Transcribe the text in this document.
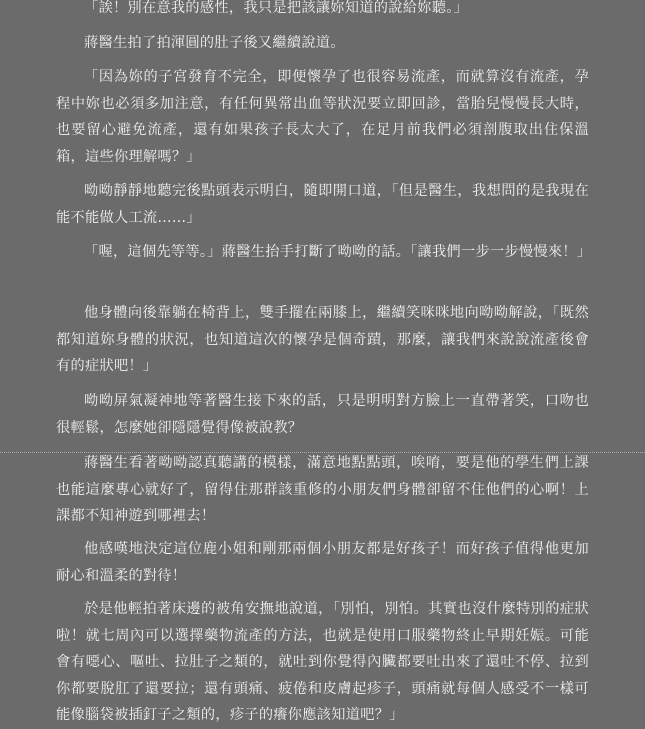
「誒！別在意我的感性，我只是把該讓妳知道的說給妳聽。」

蔣醫生拍了拍渾圓的肚子後又繼續說道。

「因為妳的子宮發育不完全，即便懷孕了也很容易流產，而就算沒有流產，孕程中妳也必須多加注意，有任何異常出血等狀況要立即回診，當胎兒慢慢長大時，也要留心避免流產，還有如果孩子長太大了，在足月前我們必須剖腹取出住保溫箱，這些你理解嗎？」

呦呦靜靜地聽完後點頭表示明白，隨即開口道，「但是醫生，我想問的是我現在能不能做人工流……」

「喔，這個先等等。」蔣醫生抬手打斷了呦呦的話。「讓我們一步一步慢慢來！」

他身體向後靠躺在椅背上，雙手擺在兩膝上，繼續笑咪咪地向呦呦解說，「既然都知道妳身體的狀況，也知道這次的懷孕是個奇蹟，那麼，讓我們來說說流產後會有的症狀吧！」

呦呦屏氣凝神地等著醫生接下來的話，只是明明對方臉上一直帶著笑，口吻也很輕鬆，怎麼她卻隱隱覺得像被說教？

蔣醫生看著呦呦認真聽講的模樣，滿意地點點頭，唉唷，要是他的學生們上課也能這麼專心就好了，留得住那群該重修的小朋友們身體卻留不住他們的心啊！上課都不知神遊到哪裡去！

他感嘆地決定這位鹿小姐和剛那兩個小朋友都是好孩子！而好孩子值得他更加耐心和溫柔的對待！

於是他輕拍著床邊的被角安撫地說道，「別怕，別怕。其實也沒什麼特別的症狀啦！就七周內可以選擇藥物流產的方法，也就是使用口服藥物終止早期妊娠。可能會有噁心、嘔吐、拉肚子之類的，就吐到你覺得內臟都要吐出來了還吐不停、拉到你都要脫肛了還要拉；還有頭痛、疲倦和皮膚起疹子，頭痛就每個人感受不一樣可能像腦袋被插釘子之類的，疹子的癢你應該知道吧？」
